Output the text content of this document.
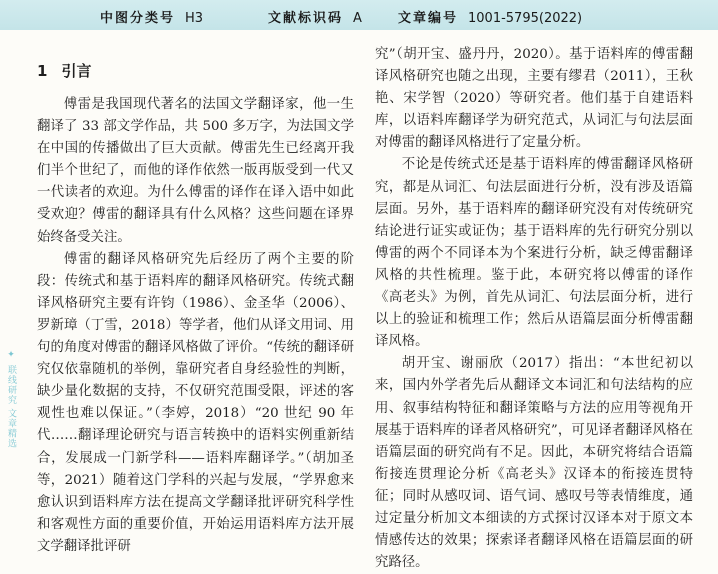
中图分类号 H3	文献标识码 A	文章编号 1001-5795(2022)
✦ 联线研究 文章精选
1 引言

傅雷是我国现代著名的法国文学翻译家，他一生翻译了 33 部文学作品，共 500 多万字，为法国文学在中国的传播做出了巨大贡献。傅雷先生已经离开我们半个世纪了，而他的译作依然一版再版受到一代又一代读者的欢迎。为什么傅雷的译作在译入语中如此受欢迎？傅雷的翻译具有什么风格？这些问题在译界始终备受关注。

傅雷的翻译风格研究先后经历了两个主要的阶段：传统式和基于语料库的翻译风格研究。传统式翻译风格研究主要有许钧（1986）、金圣华（2006）、罗新璋（丁雪，2018）等学者，他们从译文用词、用句的角度对傅雷的翻译风格做了评价。“传统的翻译研究仅依靠随机的举例，靠研究者自身经验性的判断，缺少量化数据的支持，不仅研究范围受限，评述的客观性也难以保证。”（李婷，2018）“20 世纪 90 年代……翻译理论研究与语言转换中的语料实例重新结合，发展成一门新学科——语料库翻译学。”（胡加圣等，2021）随着这门学科的兴起与发展，“学界愈来愈认识到语料库方法在提高文学翻译批评研究科学性和客观性方面的重要价值，开始运用语料库方法开展文学翻译批评研

究”（胡开宝、盛丹丹，2020）。基于语料库的傅雷翻译风格研究也随之出现，主要有缪君（2011），王秋艳、宋学智（2020）等研究者。他们基于自建语料库，以语料库翻译学为研究范式，从词汇与句法层面对傅雷的翻译风格进行了定量分析。

不论是传统式还是基于语料库的傅雷翻译风格研究，都是从词汇、句法层面进行分析，没有涉及语篇层面。另外，基于语料库的翻译研究没有对传统研究结论进行证实或证伪；基于语料库的先行研究分别以傅雷的两个不同译本为个案进行分析，缺乏傅雷翻译风格的共性梳理。鉴于此，本研究将以傅雷的译作《高老头》为例，首先从词汇、句法层面分析，进行以上的验证和梳理工作；然后从语篇层面分析傅雷翻译风格。

胡开宝、谢丽欣（2017）指出：“本世纪初以来，国内外学者先后从翻译文本词汇和句法结构的应用、叙事结构特征和翻译策略与方法的应用等视角开展基于语料库的译者风格研究”，可见译者翻译风格在语篇层面的研究尚有不足。因此，本研究将结合语篇衔接连贯理论分析《高老头》汉译本的衔接连贯特征；同时从感叹词、语气词、感叹号等表情维度，通过定量分析加文本细读的方式探讨汉译本对于原文本情感传达的效果；探索译者翻译风格在语篇层面的研究路径。
